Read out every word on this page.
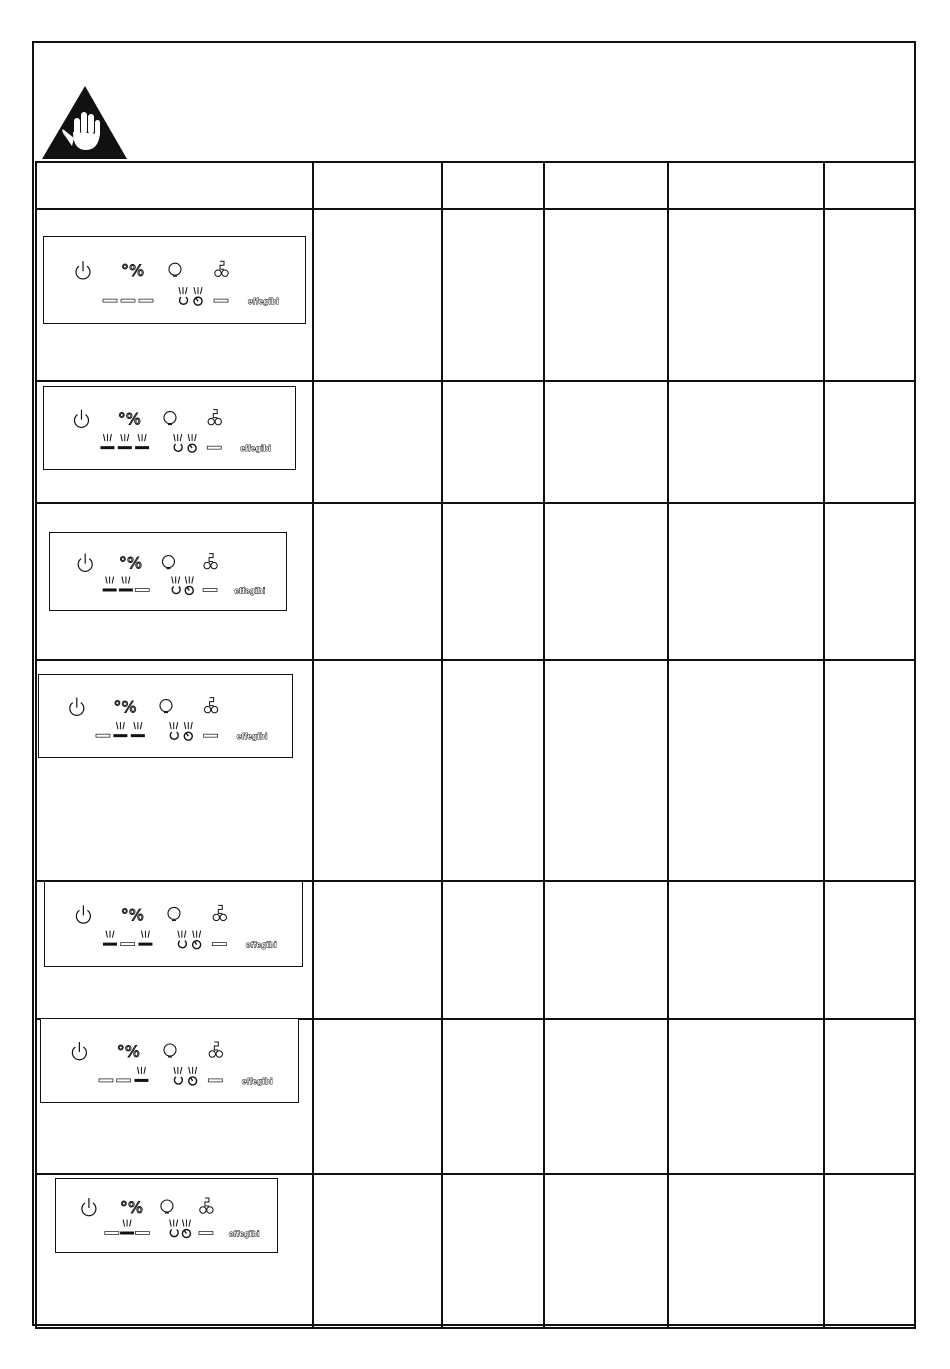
°%
effegibi
°%
effegibi
°%
effegibi
°%
effegibi
°%
effegibi
°%
effegibi
°%
effegibi
